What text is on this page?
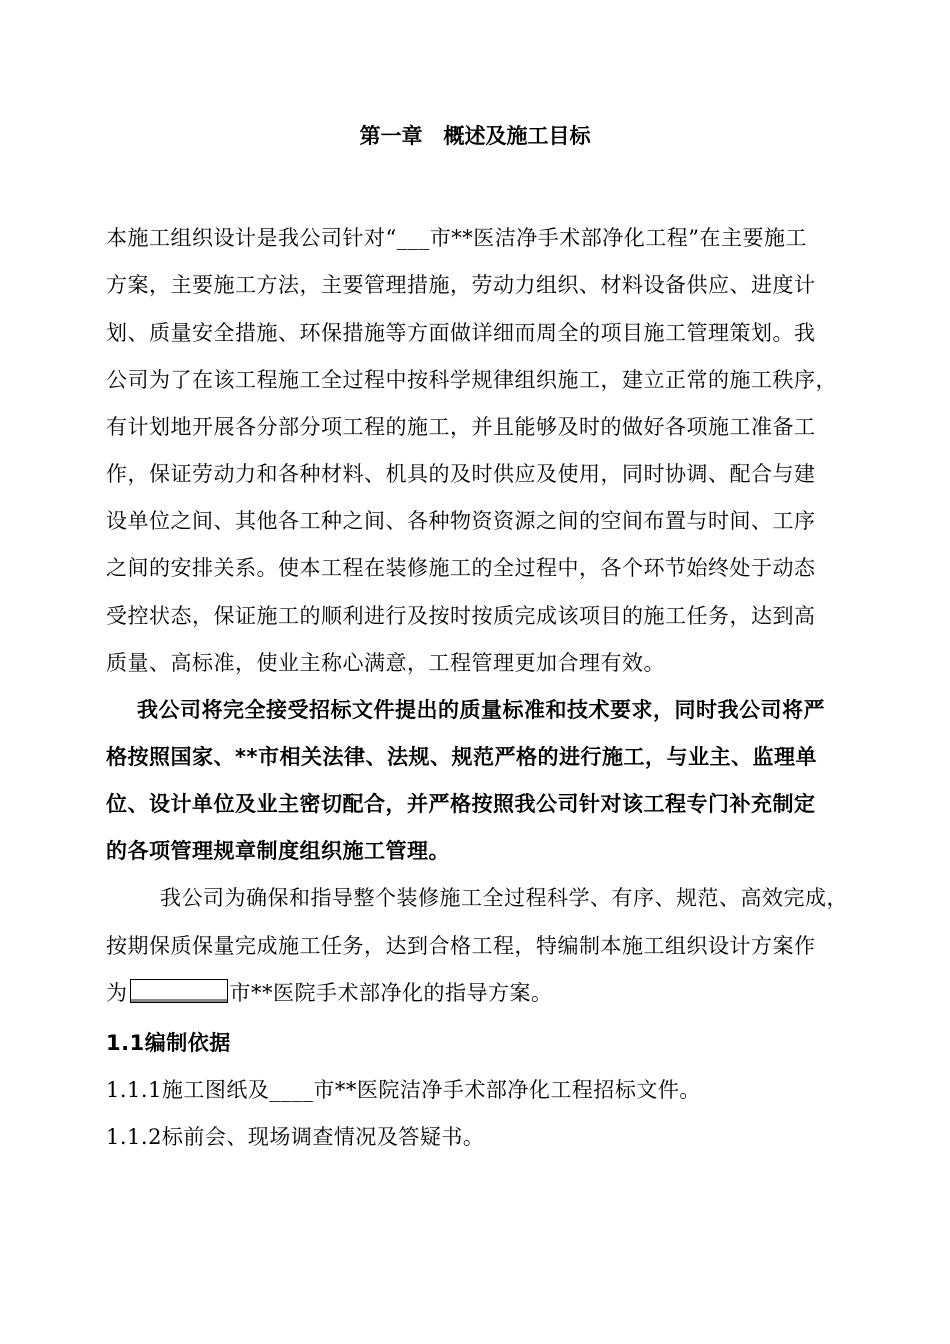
第一章　概述及施工目标

本施工组织设计是我公司针对“___市**医洁净手术部净化工程”在主要施工

方案，主要施工方法，主要管理措施，劳动力组织、材料设备供应、进度计

划、质量安全措施、环保措施等方面做详细而周全的项目施工管理策划。我

公司为了在该工程施工全过程中按科学规律组织施工，建立正常的施工秩序，

有计划地开展各分部分项工程的施工，并且能够及时的做好各项施工准备工

作，保证劳动力和各种材料、机具的及时供应及使用，同时协调、配合与建

设单位之间、其他各工种之间、各种物资资源之间的空间布置与时间、工序

之间的安排关系。使本工程在装修施工的全过程中，各个环节始终处于动态

受控状态，保证施工的顺利进行及按时按质完成该项目的施工任务，达到高

质量、高标准，使业主称心满意，工程管理更加合理有效。

我公司将完全接受招标文件提出的质量标准和技术要求，同时我公司将严

格按照国家、**市相关法律、法规、规范严格的进行施工，与业主、监理单

位、设计单位及业主密切配合，并严格按照我公司针对该工程专门补充制定

的各项管理规章制度组织施工管理。

我公司为确保和指导整个装修施工全过程科学、有序、规范、高效完成，

按期保质保量完成施工任务，达到合格工程，特编制本施工组织设计方案作

为	市**医院手术部净化的指导方案。

1.1编制依据

1.1.1施工图纸及____市**医院洁净手术部净化工程招标文件。

1.1.2标前会、现场调查情况及答疑书。
